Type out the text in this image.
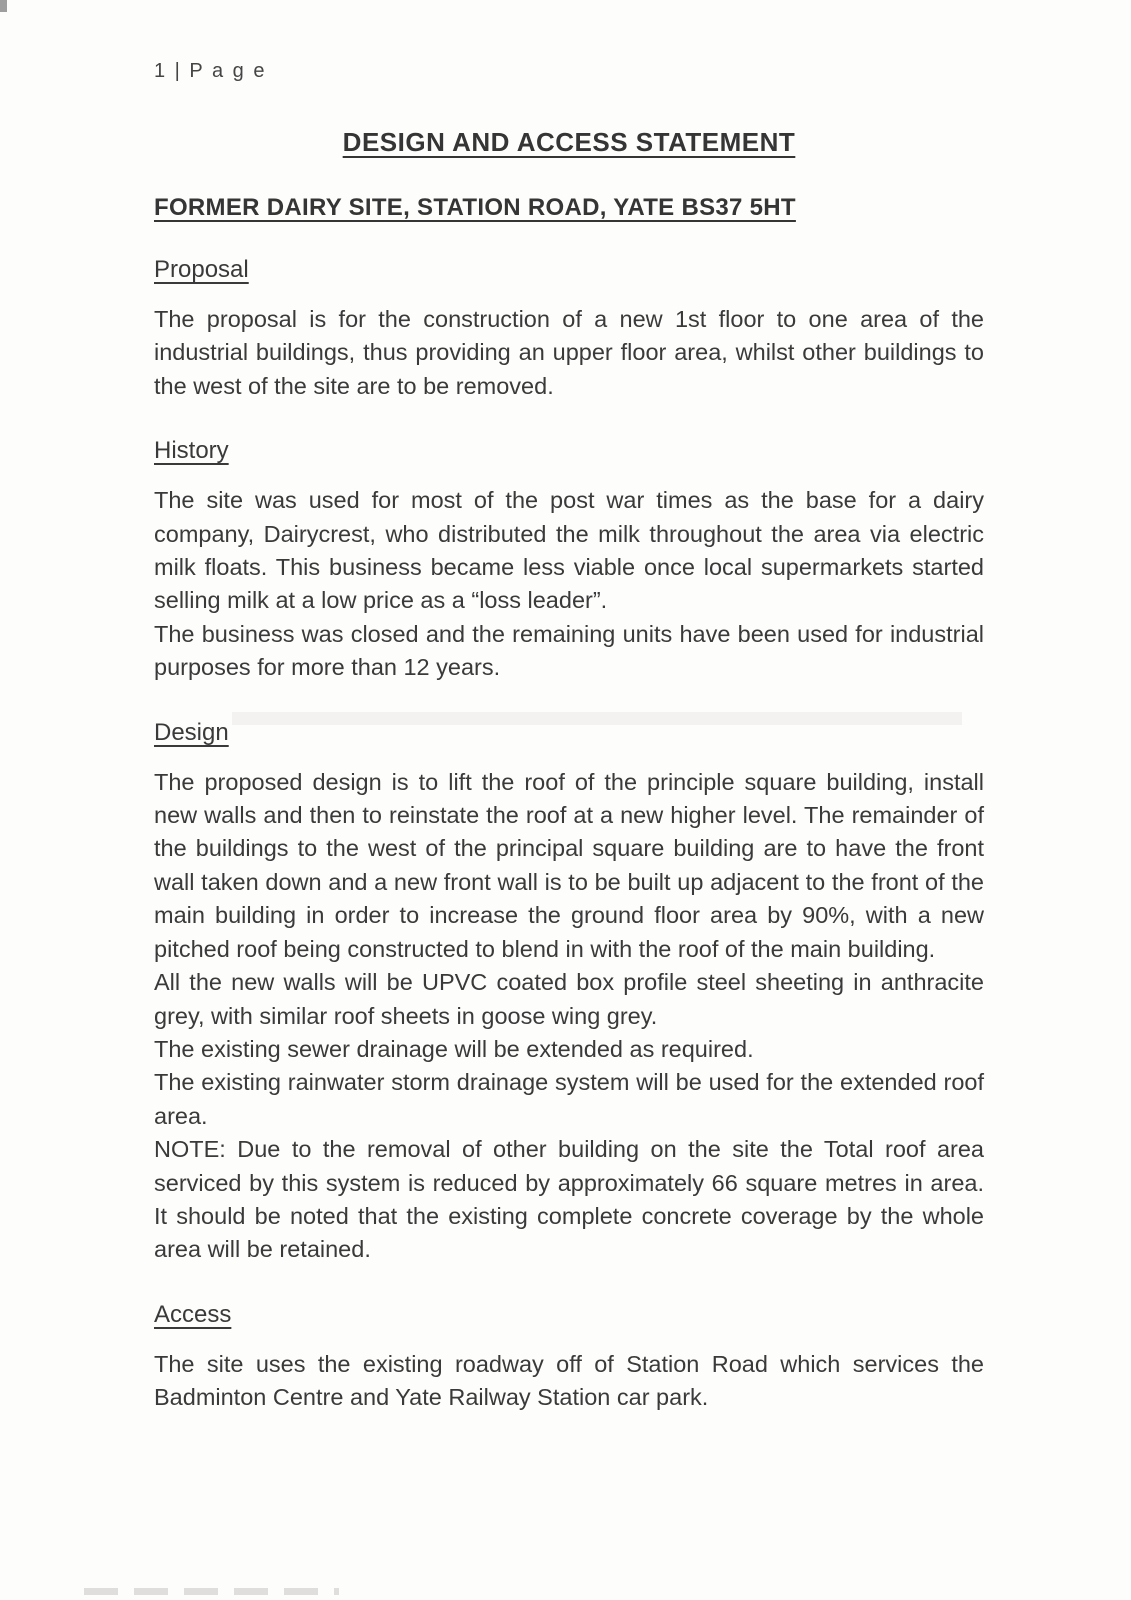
1 | P a g e
DESIGN AND ACCESS STATEMENT
FORMER DAIRY SITE, STATION ROAD, YATE BS37 5HT
Proposal

The proposal is for the construction of a new 1st floor to one area of the industrial buildings, thus providing an upper floor area, whilst other buildings to the west of the site are to be removed.

History

The site was used for most of the post war times as the base for a dairy company, Dairycrest, who distributed the milk throughout the area via electric milk floats. This business became less viable once local supermarkets started selling milk at a low price as a “loss leader”.

The business was closed and the remaining units have been used for industrial purposes for more than 12 years.

Design

The proposed design is to lift the roof of the principle square building, install new walls and then to reinstate the roof at a new higher level. The remainder of the buildings to the west of the principal square building are to have the front wall taken down and a new front wall is to be built up adjacent to the front of the main building in order to increase the ground floor area by 90%, with a new pitched roof being constructed to blend in with the roof of the main building.

All the new walls will be UPVC coated box profile steel sheeting in anthracite grey, with similar roof sheets in goose wing grey.

The existing sewer drainage will be extended as required.

The existing rainwater storm drainage system will be used for the extended roof area.

NOTE: Due to the removal of other building on the site the Total roof area serviced by this system is reduced by approximately 66 square metres in area. It should be noted that the existing complete concrete coverage by the whole area will be retained.

Access

The site uses the existing roadway off of Station Road which services the Badminton Centre and Yate Railway Station car park.
